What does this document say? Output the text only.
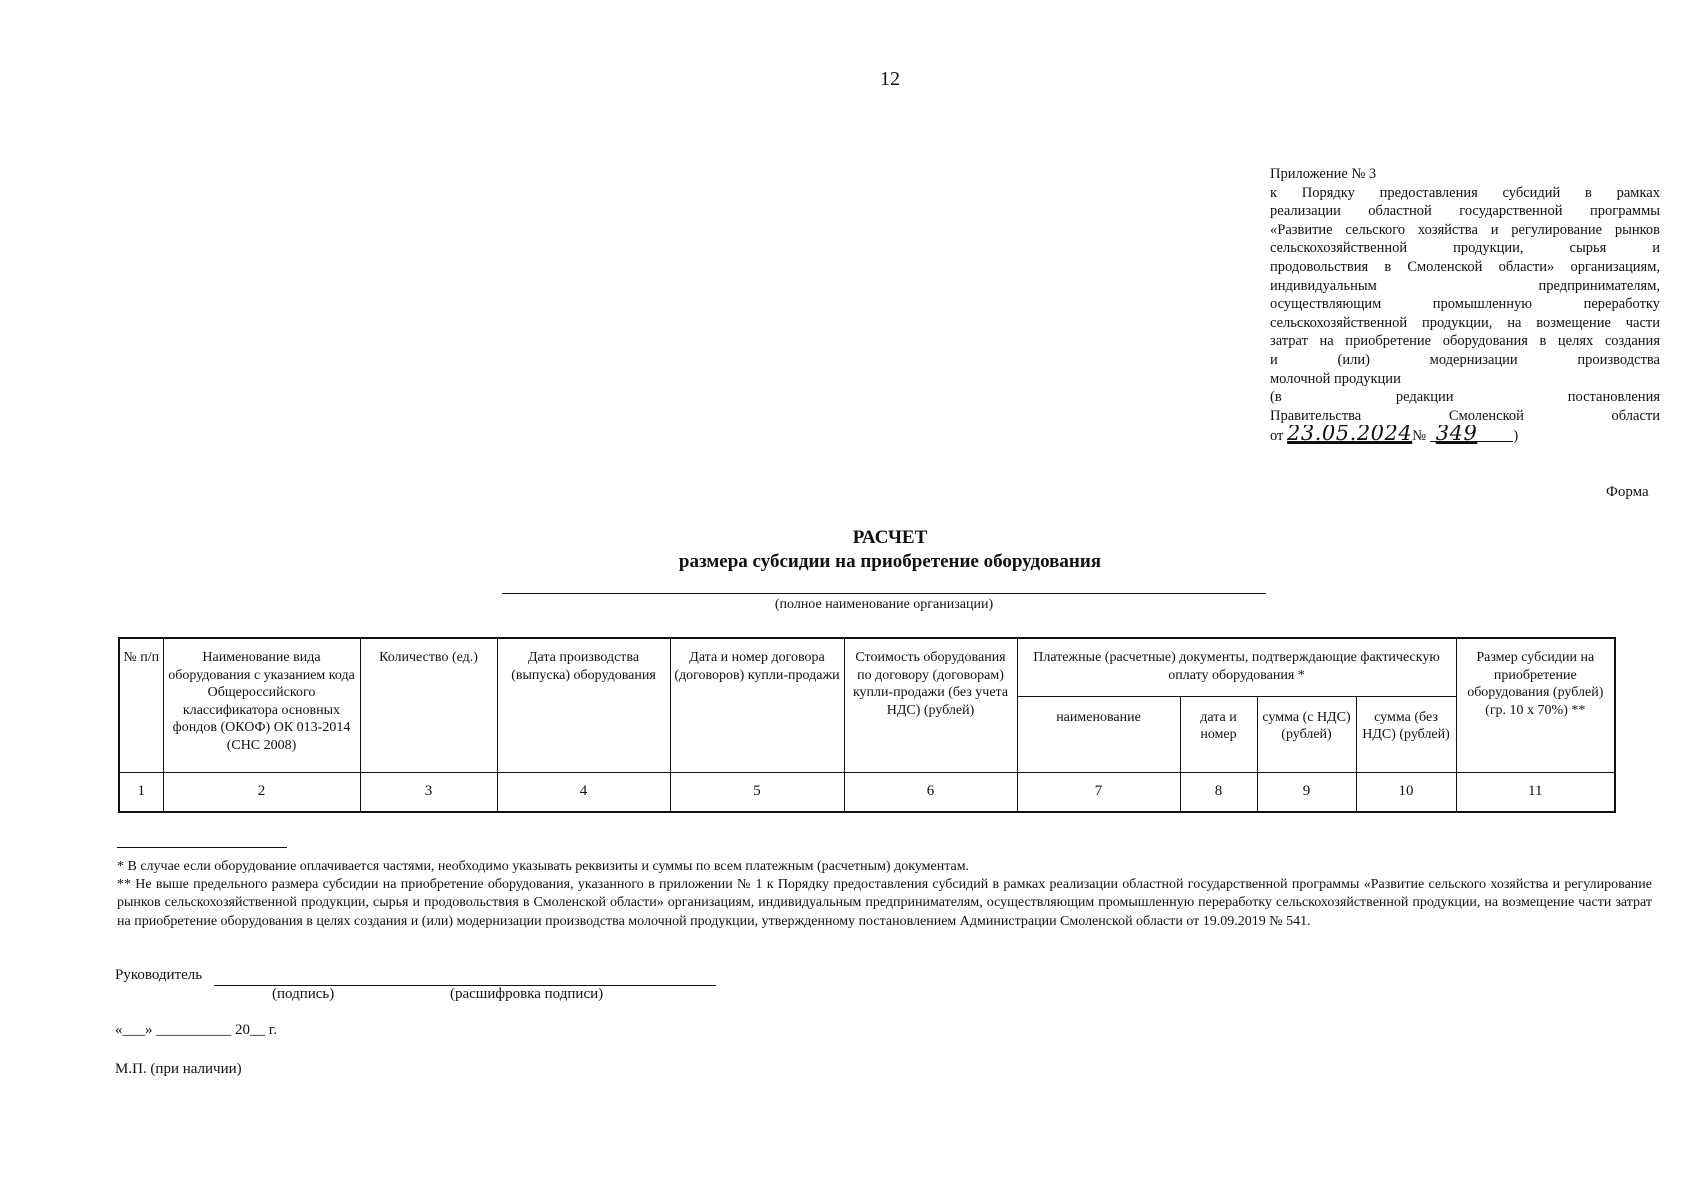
12
Приложение № 3
к Порядку предоставления субсидий в рамках
реализации областной государственной программы
«Развитие сельского хозяйства и регулирование рынков
сельскохозяйственной продукции, сырья и
продовольствия в Смоленской области» организациям,
индивидуальным предпринимателям,
осуществляющим промышленную переработку
сельскохозяйственной продукции, на возмещение части
затрат на приобретение оборудования в целях создания
и (или) модернизации производства
молочной продукции
(в редакции постановления
Правительства Смоленской области
от 23.05.2024№ 349 )
Форма
РАСЧЕТ
размера субсидии на приобретение оборудования
(полное наименование организации)
№ п/п	Наименование вида оборудования с указанием кода Общероссийского классификатора основных фондов (ОКОФ) ОК 013-2014 (СНС 2008)	Количество (ед.)	Дата производства (выпуска) оборудования	Дата и номер договора (договоров) купли-продажи	Стоимость оборудования по договору (договорам) купли-продажи (без учета НДС) (рублей)	Платежные (расчетные) документы, подтверждающие фактическую оплату оборудования *				Размер субсидии на приобретение оборудования (рублей) (гр. 10 х 70%) **
						наименование	дата и номер	сумма (с НДС) (рублей)	сумма (без НДС) (рублей)	
1	2	3	4	5	6	7	8	9	10	11
* В случае если оборудование оплачивается частями, необходимо указывать реквизиты и суммы по всем платежным (расчетным) документам.
** Не выше предельного размера субсидии на приобретение оборудования, указанного в приложении № 1 к Порядку предоставления субсидий в рамках реализации областной государственной программы «Развитие сельского хозяйства и регулирование рынков сельскохозяйственной продукции, сырья и продовольствия в Смоленской области» организациям, индивидуальным предпринимателям, осуществляющим промышленную переработку сельскохозяйственной продукции, на возмещение части затрат на приобретение оборудования в целях создания и (или) модернизации производства молочной продукции, утвержденному постановлением Администрации Смоленской области от 19.09.2019 № 541.
Руководитель
(подпись)	(расшифровка подписи)
«___» __________ 20__ г.
М.П. (при наличии)
